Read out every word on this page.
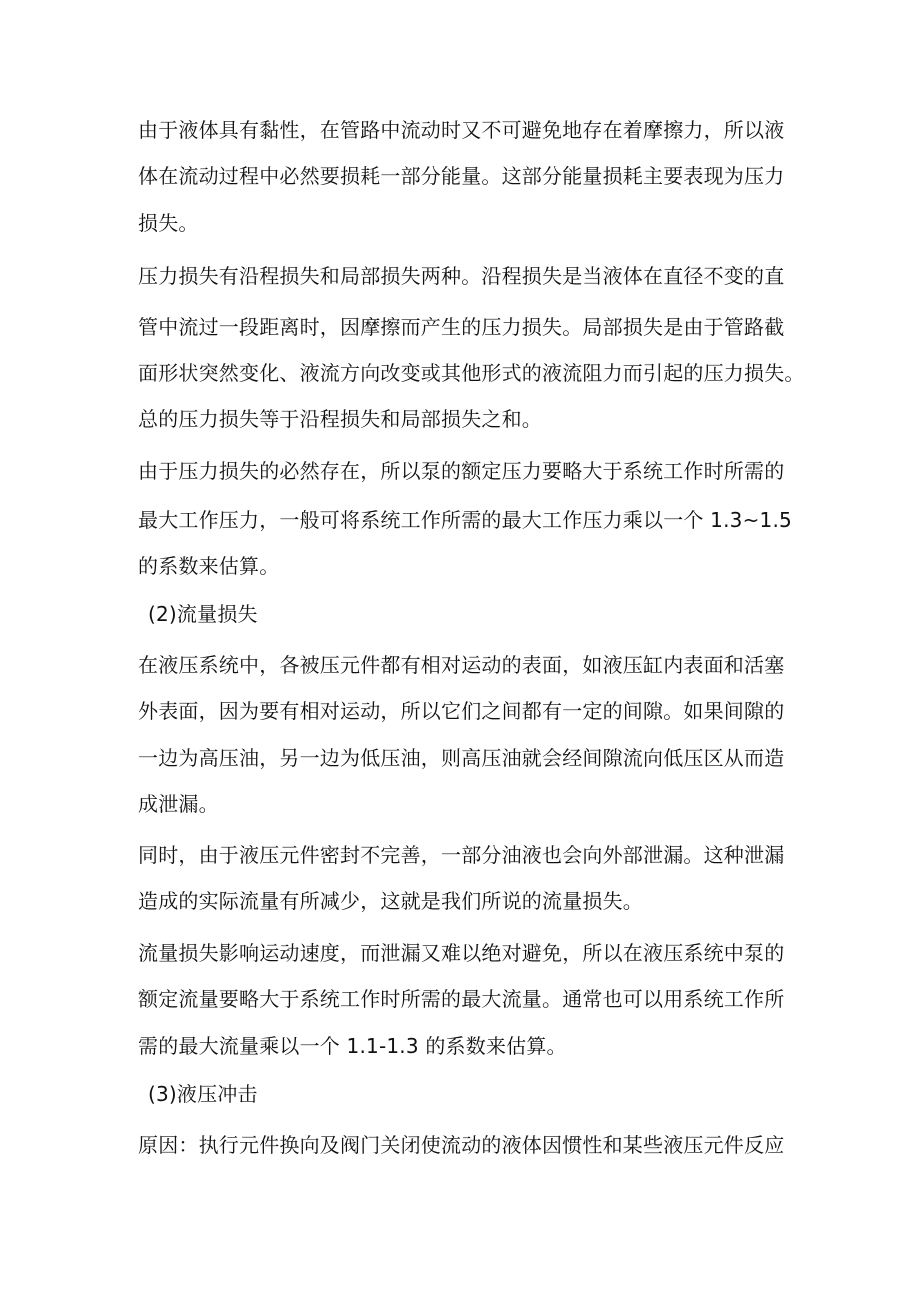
由于液体具有黏性，在管路中流动时又不可避免地存在着摩擦力，所以液
体在流动过程中必然要损耗一部分能量。这部分能量损耗主要表现为压力
损失。
压力损失有沿程损失和局部损失两种。沿程损失是当液体在直径不变的直
管中流过一段距离时，因摩擦而产生的压力损失。局部损失是由于管路截
面形状突然变化、液流方向改变或其他形式的液流阻力而引起的压力损失。
总的压力损失等于沿程损失和局部损失之和。
由于压力损失的必然存在，所以泵的额定压力要略大于系统工作时所需的
最大工作压力，一般可将系统工作所需的最大工作压力乘以一个 1.3~1.5
的系数来估算。
(2)流量损失
在液压系统中，各被压元件都有相对运动的表面，如液压缸内表面和活塞
外表面，因为要有相对运动，所以它们之间都有一定的间隙。如果间隙的
一边为高压油，另一边为低压油，则高压油就会经间隙流向低压区从而造
成泄漏。
同时，由于液压元件密封不完善，一部分油液也会向外部泄漏。这种泄漏
造成的实际流量有所减少，这就是我们所说的流量损失。
流量损失影响运动速度，而泄漏又难以绝对避免，所以在液压系统中泵的
额定流量要略大于系统工作时所需的最大流量。通常也可以用系统工作所
需的最大流量乘以一个 1.1-1.3 的系数来估算。
(3)液压冲击
原因：执行元件换向及阀门关闭使流动的液体因惯性和某些液压元件反应
